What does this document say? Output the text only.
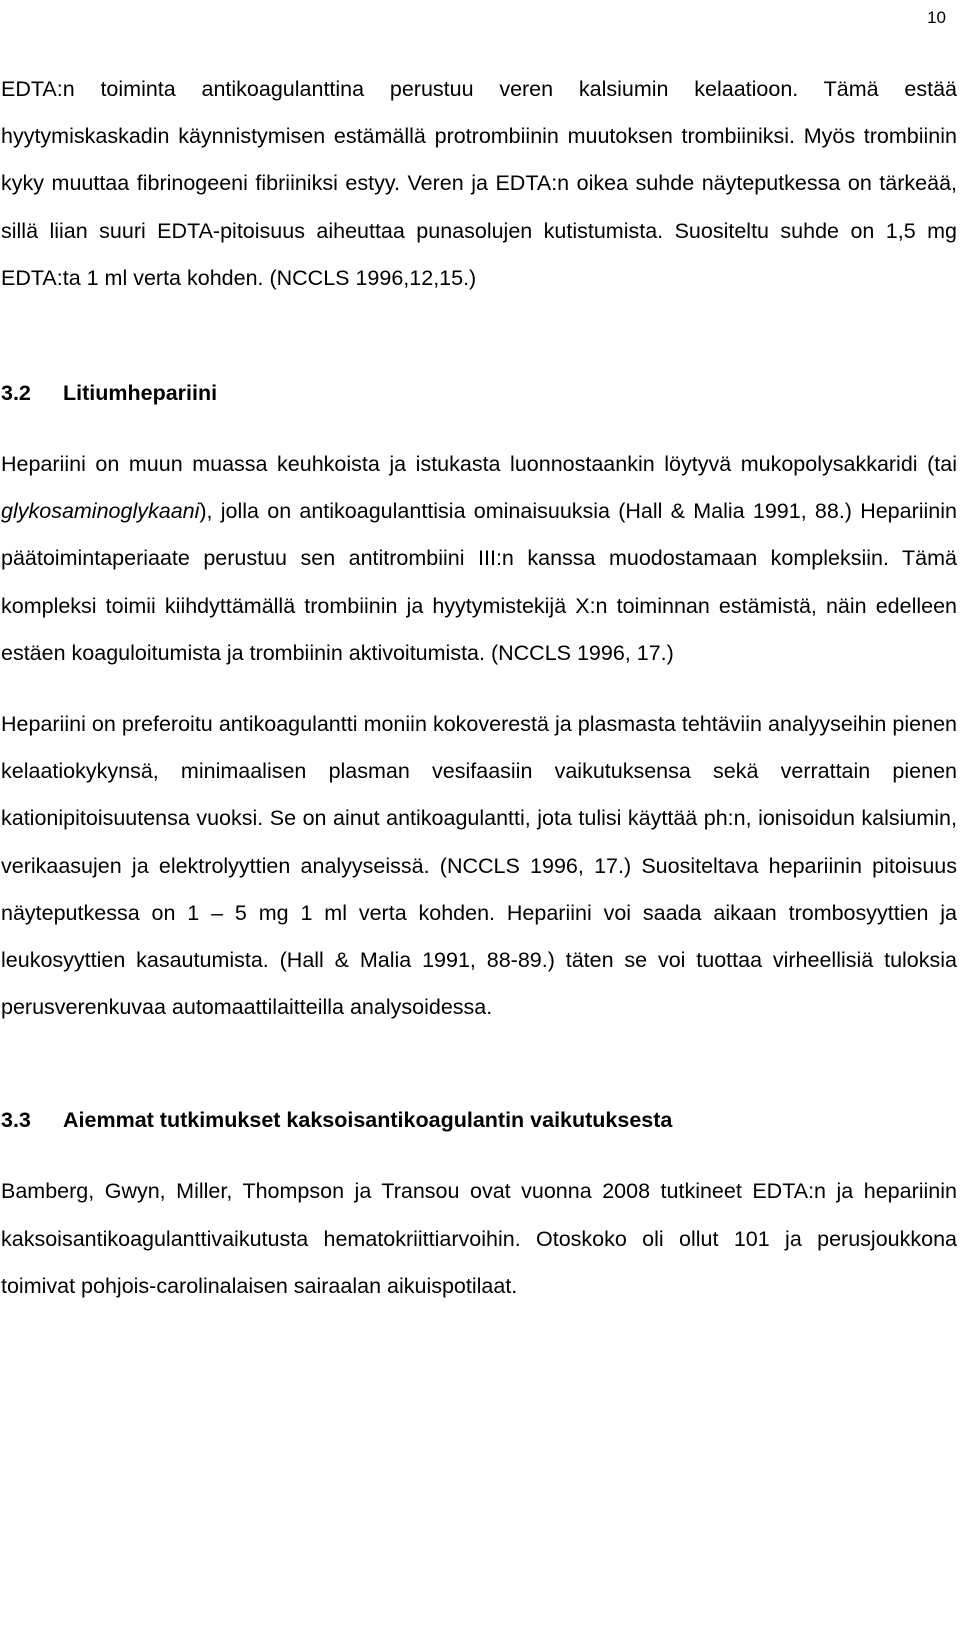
10

EDTA:n toiminta antikoagulanttina perustuu veren kalsiumin kelaatioon. Tämä estää hyytymiskaskadin käynnistymisen estämällä protrombiinin muutoksen trombiiniksi. Myös trombiinin kyky muuttaa fibrinogeeni fibriiniksi estyy. Veren ja EDTA:n oikea suhde näyteputkessa on tärkeää, sillä liian suuri EDTA-pitoisuus aiheuttaa punasolujen kutistumista. Suositeltu suhde on 1,5 mg EDTA:ta 1 ml verta kohden. (NCCLS 1996,12,15.)

3.2 Litiumhepariini

Hepariini on muun muassa keuhkoista ja istukasta luonnostaankin löytyvä mukopolysakkaridi (tai glykosaminoglykaani), jolla on antikoagulanttisia ominaisuuksia (Hall & Malia 1991, 88.) Hepariinin päätoimintaperiaate perustuu sen antitrombiini III:n kanssa muodostamaan kompleksiin. Tämä kompleksi toimii kiihdyttämällä trombiinin ja hyytymistekijä X:n toiminnan estämistä, näin edelleen estäen koaguloitumista ja trombiinin aktivoitumista. (NCCLS 1996, 17.)

Hepariini on preferoitu antikoagulantti moniin kokoverestä ja plasmasta tehtäviin analyyseihin pienen kelaatiokykynsä, minimaalisen plasman vesifaasiin vaikutuksensa sekä verrattain pienen kationipitoisuutensa vuoksi. Se on ainut antikoagulantti, jota tulisi käyttää ph:n, ionisoidun kalsiumin, verikaasujen ja elektrolyyttien analyyseissä. (NCCLS 1996, 17.) Suositeltava hepariinin pitoisuus näyteputkessa on 1 – 5 mg 1 ml verta kohden. Hepariini voi saada aikaan trombosyyttien ja leukosyyttien kasautumista. (Hall & Malia 1991, 88-89.) täten se voi tuottaa virheellisiä tuloksia perusverenkuvaa automaattilaitteilla analysoidessa.

3.3 Aiemmat tutkimukset kaksoisantikoagulantin vaikutuksesta

Bamberg, Gwyn, Miller, Thompson ja Transou ovat vuonna 2008 tutkineet EDTA:n ja hepariinin kaksoisantikoagulanttivaikutusta hematokriittiarvoihin. Otoskoko oli ollut 101 ja perusjoukkona toimivat pohjois-carolinalaisen sairaalan aikuispotilaat.
